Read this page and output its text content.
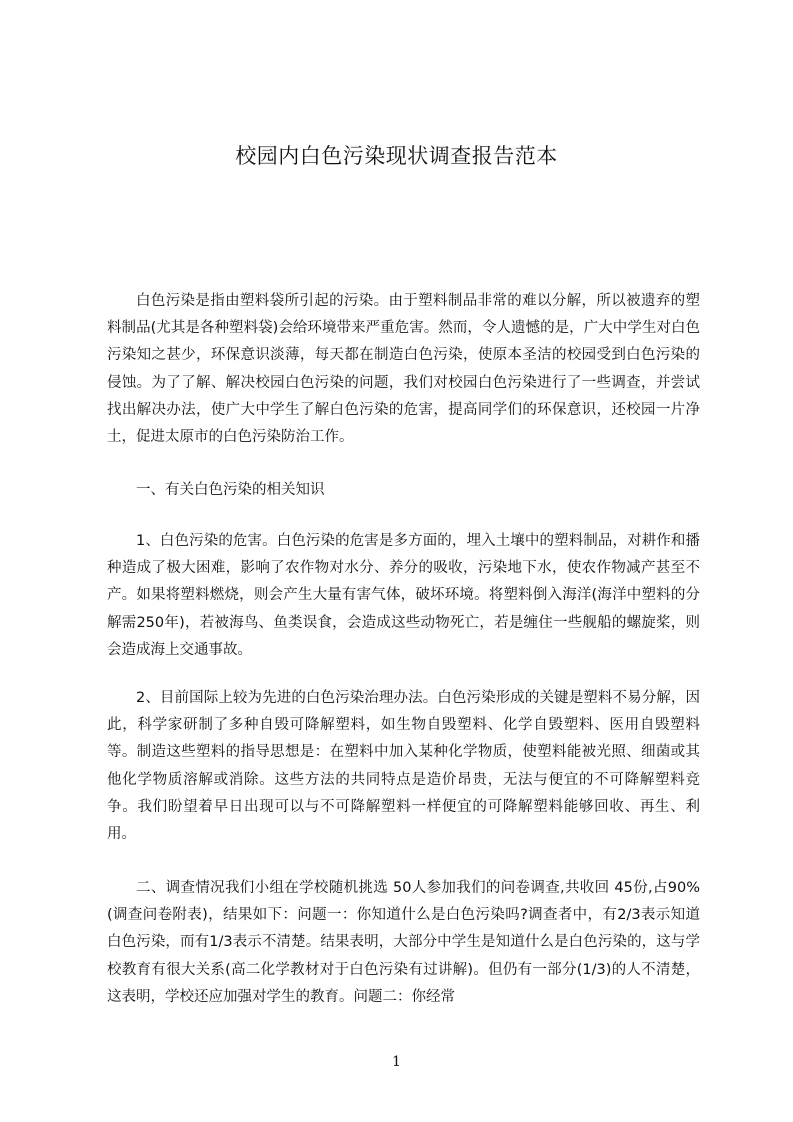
校园内白色污染现状调查报告范本

白色污染是指由塑料袋所引起的污染。由于塑料制品非常的难以分解，所以被遗弃的塑料制品(尤其是各种塑料袋)会给环境带来严重危害。然而，令人遗憾的是，广大中学生对白色污染知之甚少，环保意识淡薄，每天都在制造白色污染，使原本圣洁的校园受到白色污染的侵蚀。为了了解、解决校园白色污染的问题，我们对校园白色污染进行了一些调查，并尝试找出解决办法，使广大中学生了解白色污染的危害，提高同学们的环保意识，还校园一片净土，促进太原市的白色污染防治工作。

一、有关白色污染的相关知识

1、白色污染的危害。白色污染的危害是多方面的，埋入土壤中的塑料制品，对耕作和播种造成了极大困难，影响了农作物对水分、养分的吸收，污染地下水，使农作物减产甚至不产。如果将塑料燃烧，则会产生大量有害气体，破坏环境。将塑料倒入海洋(海洋中塑料的分解需250年)，若被海鸟、鱼类误食，会造成这些动物死亡，若是缠住一些舰船的螺旋桨，则会造成海上交通事故。

2、目前国际上较为先进的白色污染治理办法。白色污染形成的关键是塑料不易分解，因此，科学家研制了多种自毁可降解塑料，如生物自毁塑料、化学自毁塑料、医用自毁塑料等。制造这些塑料的指导思想是：在塑料中加入某种化学物质，使塑料能被光照、细菌或其他化学物质溶解或消除。这些方法的共同特点是造价昂贵，无法与便宜的不可降解塑料竞争。我们盼望着早日出现可以与不可降解塑料一样便宜的可降解塑料能够回收、再生、利用。

二、调查情况我们小组在学校随机挑选 50人参加我们的问卷调查,共收回 45份,占90%(调查问卷附表)，结果如下：问题一：你知道什么是白色污染吗?调查者中，有2/3表示知道白色污染，而有1/3表示不清楚。结果表明，大部分中学生是知道什么是白色污染的，这与学校教育有很大关系(高二化学教材对于白色污染有过讲解)。但仍有一部分(1/3)的人不清楚，这表明，学校还应加强对学生的教育。问题二：你经常

1
